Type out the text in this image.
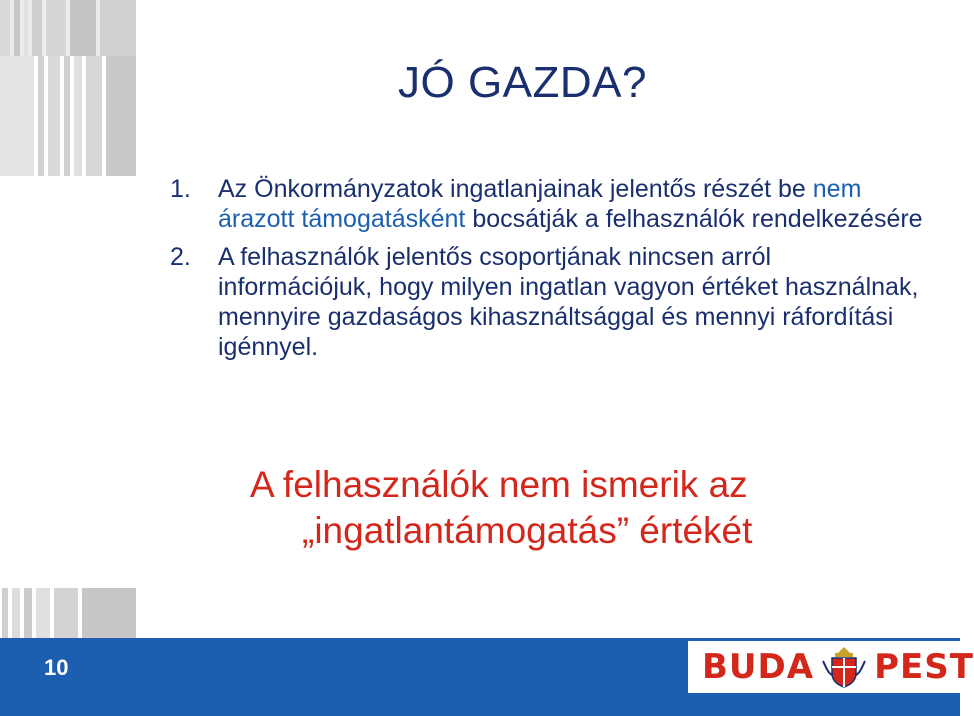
JÓ GAZDA?
1. Az Önkormányzatok ingatlanjainak jelentős részét be nem árazott támogatásként bocsátják a felhasználók rendelkezésére
2. A felhasználók jelentős csoportjának nincsen arról információjuk, hogy milyen ingatlan vagyon értéket használnak, mennyire gazdaságos kihasználtsággal és mennyi ráfordítási igénnyel.
A felhasználók nem ismerik az
„ingatlantámogatás” értékét
10	BUDA PEST
